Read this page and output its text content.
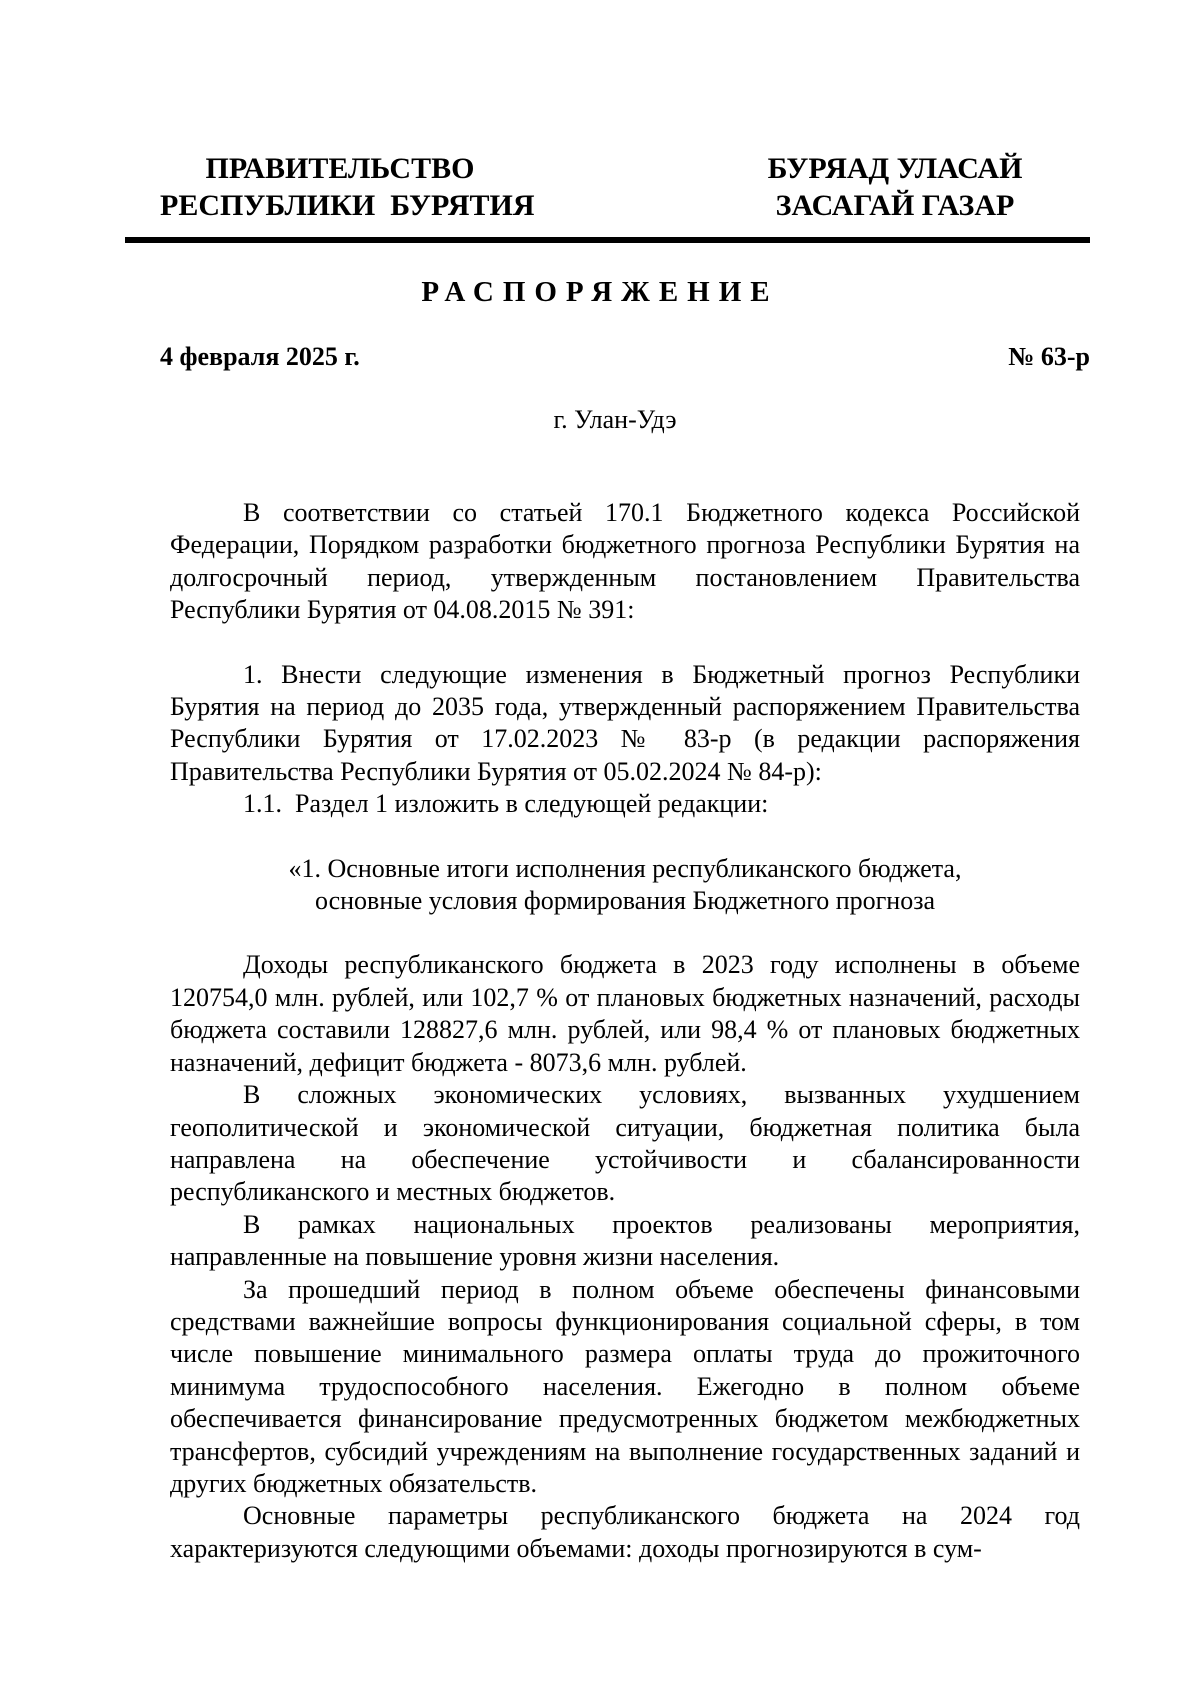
ПРАВИТЕЛЬСТВО
РЕСПУБЛИКИ  БУРЯТИЯ
БУРЯАД УЛАСАЙ
ЗАСАГАЙ ГАЗАР
РАСПОРЯЖЕНИЕ
4 февраля 2025 г.	№ 63-р
г. Улан-Удэ

В соответствии со статьей 170.1 Бюджетного кодекса Российской Федерации, Порядком разработки бюджетного прогноза Республики Бурятия на долгосрочный период, утвержденным постановлением Правительства Республики Бурятия от 04.08.2015 № 391:

1. Внести следующие изменения в Бюджетный прогноз Республики Бурятия на период до 2035 года, утвержденный распоряжением Правительства Республики Бурятия от 17.02.2023 № 83-р (в редакции распоряжения Правительства Республики Бурятия от 05.02.2024 № 84-р):

1.1.  Раздел 1 изложить в следующей редакции:

«1. Основные итоги исполнения республиканского бюджета,

основные условия формирования Бюджетного прогноза

Доходы республиканского бюджета в 2023 году исполнены в объеме 120754,0 млн. рублей, или 102,7 % от плановых бюджетных назначений, расходы бюджета составили 128827,6 млн. рублей, или 98,4 % от плановых бюджетных назначений, дефицит бюджета - 8073,6 млн. рублей.

В сложных экономических условиях, вызванных ухудшением геополитической и экономической ситуации, бюджетная политика была направлена на обеспечение устойчивости и сбалансированности республиканского и местных бюджетов.

В рамках национальных проектов реализованы мероприятия, направленные на повышение уровня жизни населения.

За прошедший период в полном объеме обеспечены финансовыми средствами важнейшие вопросы функционирования социальной сферы, в том числе повышение минимального размера оплаты труда до прожиточного минимума трудоспособного населения. Ежегодно в полном объеме обеспечивается финансирование предусмотренных бюджетом межбюджетных трансфертов, субсидий учреждениям на выполнение государственных заданий и других бюджетных обязательств.

Основные параметры республиканского бюджета на 2024 год характеризуются следующими объемами: доходы прогнозируются в сум-
